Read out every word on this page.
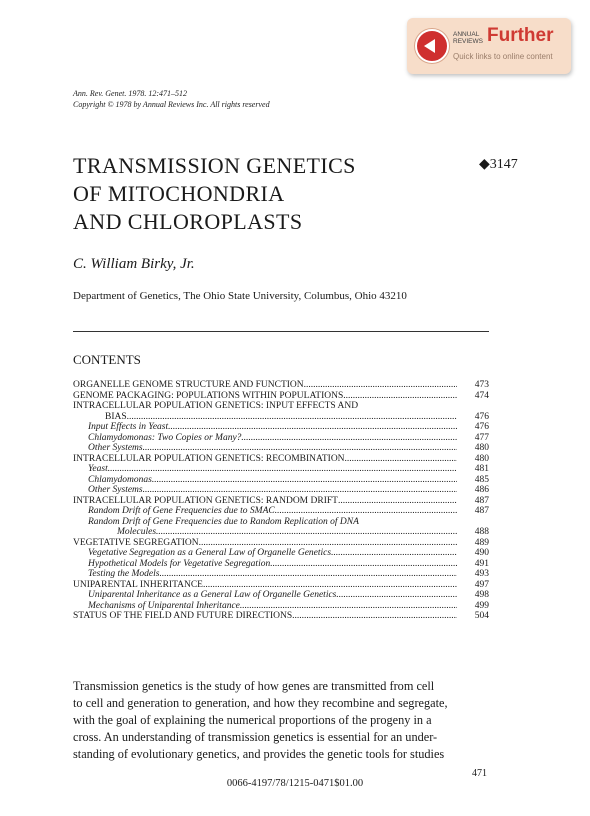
ANNUAL
REVIEWS Further
Quick links to online content
Ann. Rev. Genet. 1978. 12:471–512
Copyright © 1978 by Annual Reviews Inc. All rights reserved
TRANSMISSION GENETICS
OF MITOCHONDRIA
AND CHLOROPLASTS
◆3147
C. William Birky, Jr.
Department of Genetics, The Ohio State University, Columbus, Ohio 43210
CONTENTS
ORGANELLE GENOME STRUCTURE AND FUNCTION .....	473
GENOME PACKAGING: POPULATIONS WITHIN POPULATIONS .....	474
INTRACELLULAR POPULATION GENETICS: INPUT EFFECTS AND
BIAS .....	476
Input Effects in Yeast .....	476
Chlamydomonas: Two Copies or Many? .....	477
Other Systems .....	480
INTRACELLULAR POPULATION GENETICS: RECOMBINATION .....	480
Yeast .....	481
Chlamydomonas .....	485
Other Systems .....	486
INTRACELLULAR POPULATION GENETICS: RANDOM DRIFT .....	487
Random Drift of Gene Frequencies due to SMAC .....	487
Random Drift of Gene Frequencies due to Random Replication of DNA
Molecules .....	488
VEGETATIVE SEGREGATION .....	489
Vegetative Segregation as a General Law of Organelle Genetics .....	490
Hypothetical Models for Vegetative Segregation .....	491
Testing the Models .....	493
UNIPARENTAL INHERITANCE .....	497
Uniparental Inheritance as a General Law of Organelle Genetics .....	498
Mechanisms of Uniparental Inheritance .....	499
STATUS OF THE FIELD AND FUTURE DIRECTIONS .....	504
Transmission genetics is the study of how genes are transmitted from cell
to cell and generation to generation, and how they recombine and segregate,
with the goal of explaining the numerical proportions of the progeny in a
cross. An understanding of transmission genetics is essential for an under-
standing of evolutionary genetics, and provides the genetic tools for studies
471
0066-4197/78/1215-0471$01.00
